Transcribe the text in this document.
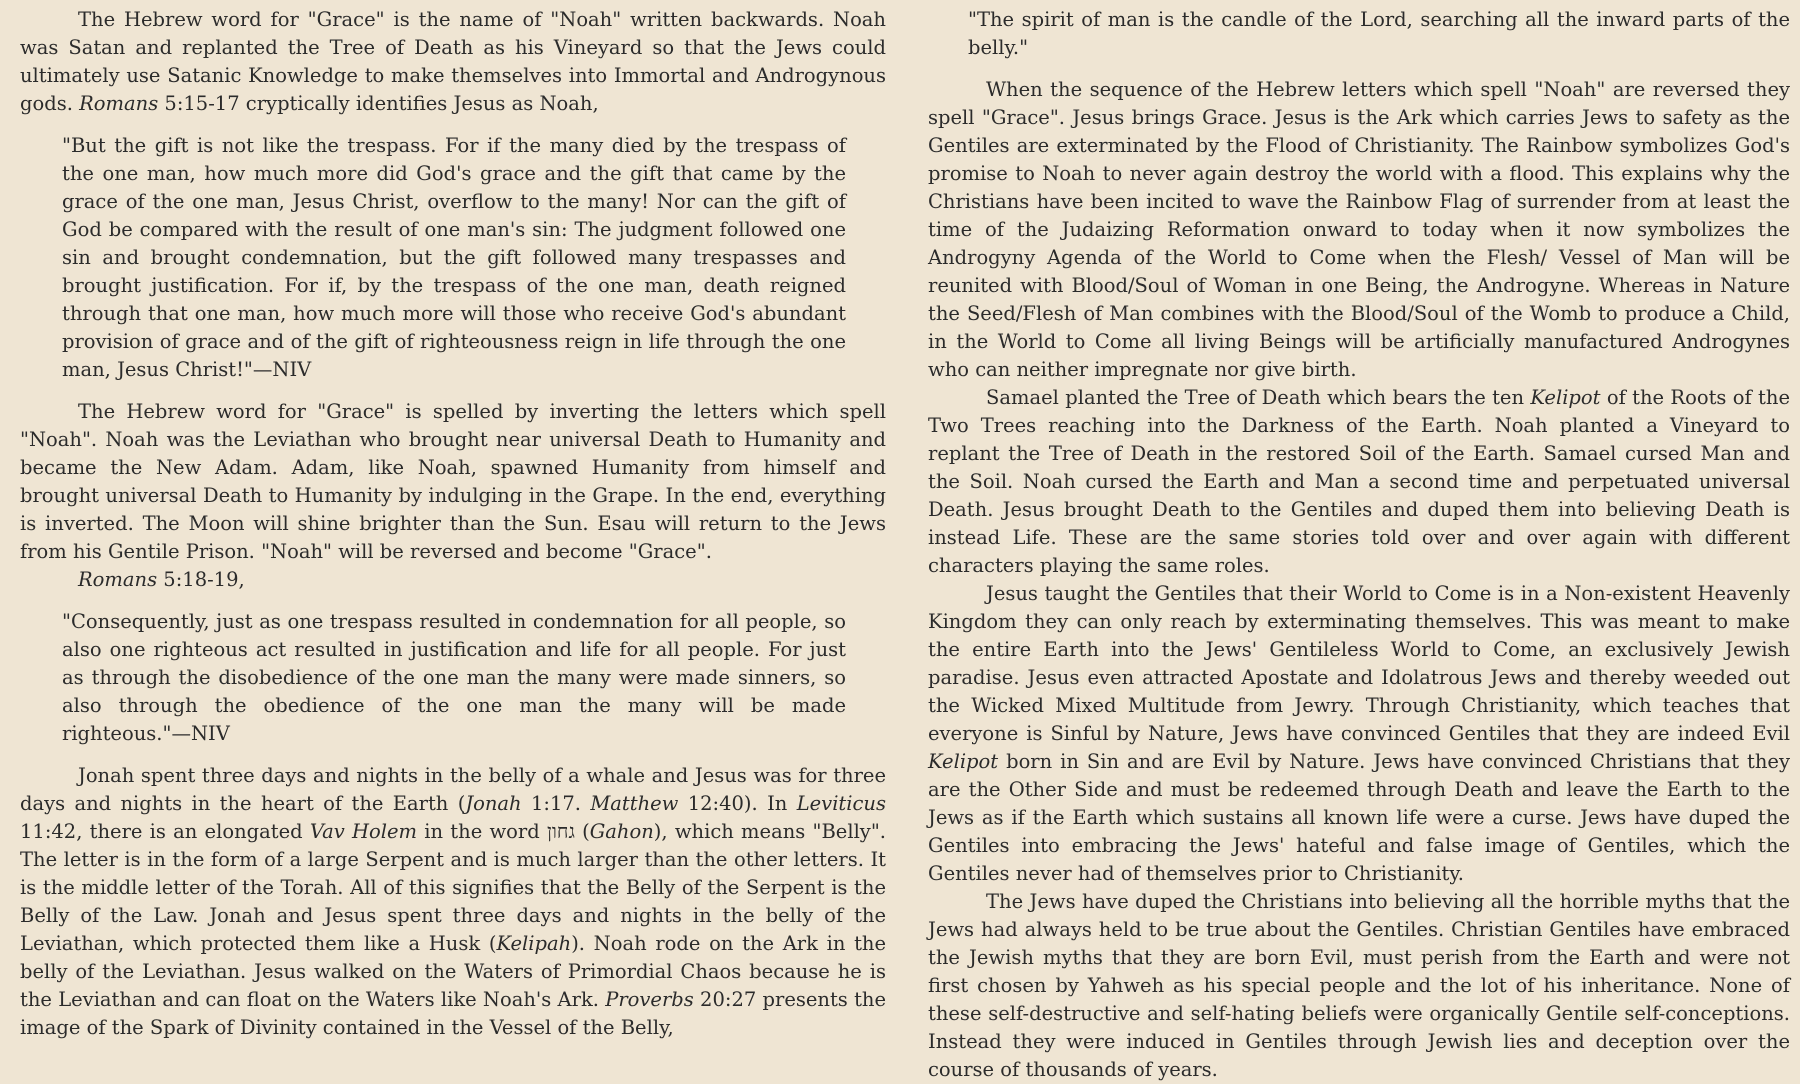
The Hebrew word for "Grace" is the name of "Noah" written backwards. Noah was Satan and replanted the Tree of Death as his Vineyard so that the Jews could ultimately use Satanic Knowledge to make themselves into Immortal and Androgynous gods. Romans 5:15-17 cryptically identifies Jesus as Noah,

"But the gift is not like the trespass. For if the many died by the trespass of the one man, how much more did God's grace and the gift that came by the grace of the one man, Jesus Christ, overflow to the many! Nor can the gift of God be compared with the result of one man's sin: The judgment followed one sin and brought condemnation, but the gift followed many trespasses and brought justification. For if, by the trespass of the one man, death reigned through that one man, how much more will those who receive God's abundant provision of grace and of the gift of righteousness reign in life through the one man, Jesus Christ!"—NIV

The Hebrew word for "Grace" is spelled by inverting the letters which spell "Noah". Noah was the Leviathan who brought near universal Death to Humanity and became the New Adam. Adam, like Noah, spawned Humanity from himself and brought universal Death to Humanity by indulging in the Grape. In the end, everything is inverted. The Moon will shine brighter than the Sun. Esau will return to the Jews from his Gentile Prison. "Noah" will be reversed and become "Grace".

Romans 5:18-19,

"Consequently, just as one trespass resulted in condemnation for all people, so also one righteous act resulted in justification and life for all people. For just as through the disobedience of the one man the many were made sinners, so also through the obedience of the one man the many will be made righteous."—NIV

Jonah spent three days and nights in the belly of a whale and Jesus was for three days and nights in the heart of the Earth (Jonah 1:17. Matthew 12:40). In Leviticus 11:42, there is an elongated Vav Holem in the word גחון (Gahon), which means "Belly". The letter is in the form of a large Serpent and is much larger than the other letters. It is the middle letter of the Torah. All of this signifies that the Belly of the Serpent is the Belly of the Law. Jonah and Jesus spent three days and nights in the belly of the Leviathan, which protected them like a Husk (Kelipah). Noah rode on the Ark in the belly of the Leviathan. Jesus walked on the Waters of Primordial Chaos because he is the Leviathan and can float on the Waters like Noah's Ark. Proverbs 20:27 presents the image of the Spark of Divinity contained in the Vessel of the Belly,

"The spirit of man is the candle of the Lord, searching all the inward parts of the belly."

When the sequence of the Hebrew letters which spell "Noah" are reversed they spell "Grace". Jesus brings Grace. Jesus is the Ark which carries Jews to safety as the Gentiles are exterminated by the Flood of Christianity. The Rainbow symbolizes God's promise to Noah to never again destroy the world with a flood. This explains why the Christians have been incited to wave the Rainbow Flag of surrender from at least the time of the Judaizing Reformation onward to today when it now symbolizes the Androgyny Agenda of the World to Come when the Flesh/ Vessel of Man will be reunited with Blood/Soul of Woman in one Being, the Androgyne. Whereas in Nature the Seed/Flesh of Man combines with the Blood/Soul of the Womb to produce a Child, in the World to Come all living Beings will be artificially manufactured Androgynes who can neither impregnate nor give birth.

Samael planted the Tree of Death which bears the ten Kelipot of the Roots of the Two Trees reaching into the Darkness of the Earth. Noah planted a Vineyard to replant the Tree of Death in the restored Soil of the Earth. Samael cursed Man and the Soil. Noah cursed the Earth and Man a second time and perpetuated universal Death. Jesus brought Death to the Gentiles and duped them into believing Death is instead Life. These are the same stories told over and over again with different characters playing the same roles.

Jesus taught the Gentiles that their World to Come is in a Non-existent Heavenly Kingdom they can only reach by exterminating themselves. This was meant to make the entire Earth into the Jews' Gentileless World to Come, an exclusively Jewish paradise. Jesus even attracted Apostate and Idolatrous Jews and thereby weeded out the Wicked Mixed Multitude from Jewry. Through Christianity, which teaches that everyone is Sinful by Nature, Jews have convinced Gentiles that they are indeed Evil Kelipot born in Sin and are Evil by Nature. Jews have convinced Christians that they are the Other Side and must be redeemed through Death and leave the Earth to the Jews as if the Earth which sustains all known life were a curse. Jews have duped the Gentiles into embracing the Jews' hateful and false image of Gentiles, which the Gentiles never had of themselves prior to Christianity.

The Jews have duped the Christians into believing all the horrible myths that the Jews had always held to be true about the Gentiles. Christian Gentiles have embraced the Jewish myths that they are born Evil, must perish from the Earth and were not first chosen by Yahweh as his special people and the lot of his inheritance. None of these self-destructive and self-hating beliefs were organically Gentile self-conceptions. Instead they were induced in Gentiles through Jewish lies and deception over the course of thousands of years.
